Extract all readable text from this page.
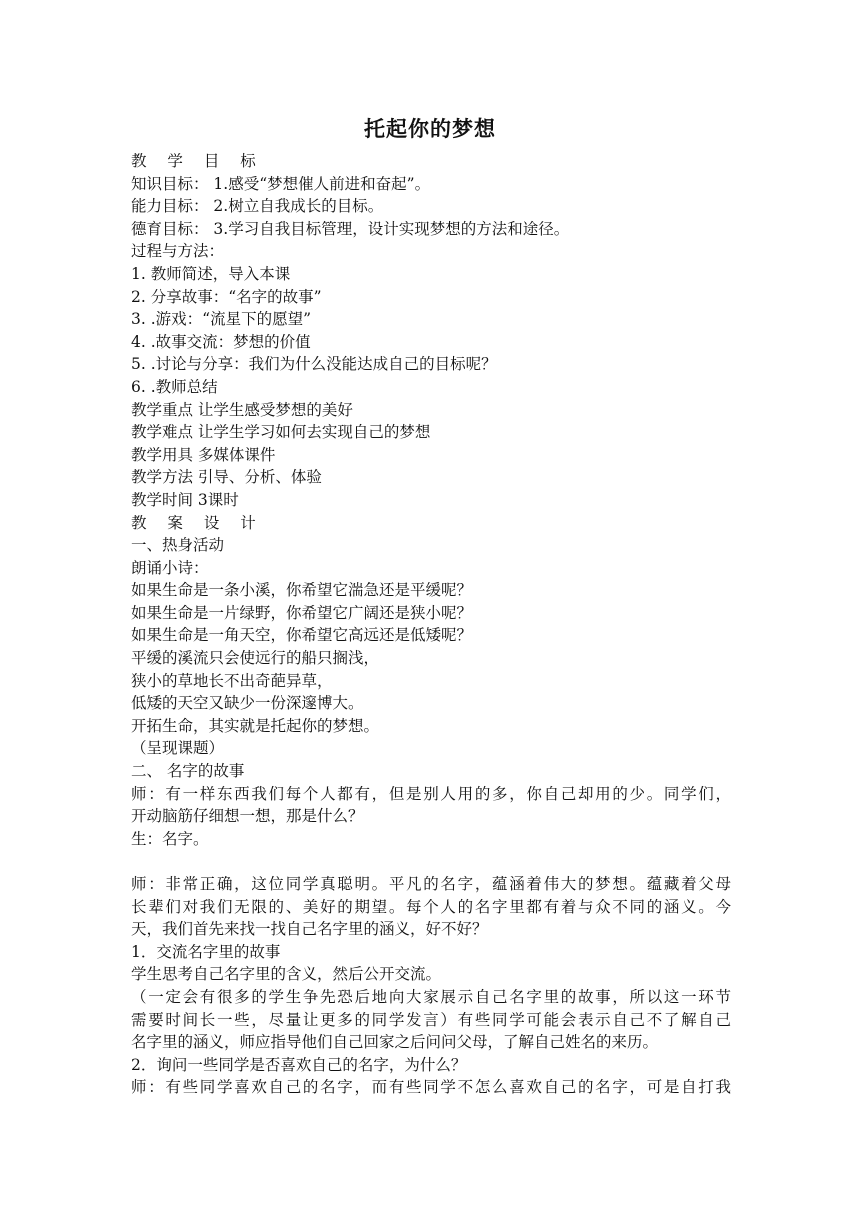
托起你的梦想
教 学 目 标
知识目标： 1.感受“梦想催人前进和奋起”。
能力目标： 2.树立自我成长的目标。
德育目标： 3.学习自我目标管理，设计实现梦想的方法和途径。
过程与方法：
1. 教师简述，导入本课
2. 分享故事：“名字的故事”
3. .游戏：“流星下的愿望”
4. .故事交流：梦想的价值
5. .讨论与分享：我们为什么没能达成自己的目标呢？
6. .教师总结
教学重点 让学生感受梦想的美好
教学难点 让学生学习如何去实现自己的梦想
教学用具 多媒体课件
教学方法 引导、分析、体验
教学时间 3课时
教 案 设 计
一、热身活动
朗诵小诗：
如果生命是一条小溪，你希望它湍急还是平缓呢？
如果生命是一片绿野，你希望它广阔还是狭小呢？
如果生命是一角天空，你希望它高远还是低矮呢？
平缓的溪流只会使远行的船只搁浅，
狭小的草地长不出奇葩异草，
低矮的天空又缺少一份深邃博大。
开拓生命，其实就是托起你的梦想。
（呈现课题）
二、 名字的故事
师：有一样东西我们每个人都有，但是别人用的多，你自己却用的少。同学们，
开动脑筋仔细想一想，那是什么？
生：名字。
师：非常正确，这位同学真聪明。平凡的名字，蕴涵着伟大的梦想。蕴藏着父母
长辈们对我们无限的、美好的期望。每个人的名字里都有着与众不同的涵义。今
天，我们首先来找一找自己名字里的涵义，好不好？
1．交流名字里的故事
学生思考自己名字里的含义，然后公开交流。
（一定会有很多的学生争先恐后地向大家展示自己名字里的故事，所以这一环节
需要时间长一些，尽量让更多的同学发言）有些同学可能会表示自己不了解自己
名字里的涵义，师应指导他们自己回家之后问问父母，了解自己姓名的来历。
2．询问一些同学是否喜欢自己的名字，为什么？
师：有些同学喜欢自己的名字，而有些同学不怎么喜欢自己的名字，可是自打我
